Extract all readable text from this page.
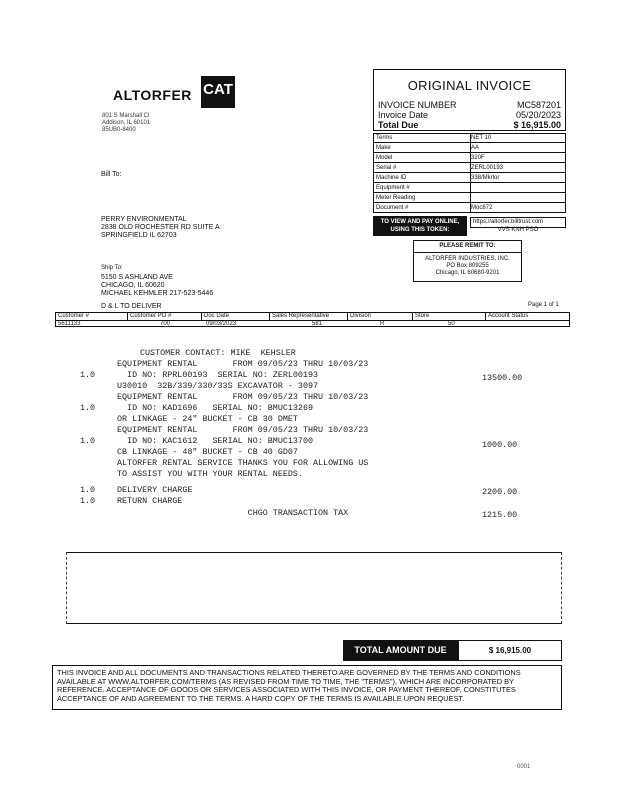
ALTORFER CAT
801 S Marshall Cl
Addison, IL 60101
85UB0-8400
ORIGINAL INVOICE
INVOICE NUMBER	MC587201
Invoice Date	05/20/2023
Total Due	$ 16,915.00
Terms	NET 10
Make	AA
Model	320F
Serial #	ZERL00193
Machine ID	338/Mkrlor
Equipment #
Meter Reading
Document #	Moc872
TO VIEW AND PAY ONLINE,
USING THIS TOKEN:
https://altorfer.billtrust.com
VVS KNH PSO
PLEASE REMIT TO:
ALTORFER INDUSTRIES, INC.
PO Box 809255
Chicago, IL 60680-9201
Bill To:
PERRY ENVIRONMENTAL
2838 OLD ROCHESTER RD SUITE A
SPRINGFIELD IL 62703
Ship To:
5150 S ASHLAND AVE
CHICAGO, IL 60620
MICHAEL KEHMLER 217-523-5446
D & L TO DELIVER	Page 1 of 1
Customer #	Customer PO #	Doc Date	Sales Representative	Division	Store	Account Status
5611133	700	09/03/2023	581	R	50
CUSTOMER CONTACT: MIKE  KEHSLER
EQUIPMENT RENTAL       FROM 09/05/23 THRU 10/03/23
1.0	ID NO: RPRL00193  SERIAL NO: ZERL00193	13500.00
U30010  32B/339/330/33S EXCAVATOR - 3097
EQUIPMENT RENTAL       FROM 09/05/23 THRU 10/03/23
1.0	ID NO: KAD1696   SERIAL NO: BMUC13269
OR LINKAGE - 24" BUCKET - CB 30 DMET
EQUIPMENT RENTAL       FROM 09/05/23 THRU 10/03/23
1.0	ID NO: KAC1612   SERIAL NO: BMUC13700	1000.00
CB LINKAGE - 48" BUCKET - CB 40 GD07
ALTORFER RENTAL SERVICE THANKS YOU FOR ALLOWING US
TO ASSIST YOU WITH YOUR RENTAL NEEDS.
1.0	DELIVERY CHARGE	2200.00
1.0	RETURN CHARGE
CHGO TRANSACTION TAX	1215.00
TOTAL AMOUNT DUE	$ 16,915.00
THIS INVOICE AND ALL DOCUMENTS AND TRANSACTIONS RELATED THERETO ARE GOVERNED BY THE TERMS AND CONDITIONS AVAILABLE AT WWW.ALTORFER.COM/TERMS (AS REVISED FROM TIME TO TIME, THE "TERMS"), WHICH ARE INCORPORATED BY REFERENCE. ACCEPTANCE OF GOODS OR SERVICES ASSOCIATED WITH THIS INVOICE, OR PAYMENT THEREOF, CONSTITUTES ACCEPTANCE OF AND AGREEMENT TO THE TERMS. A HARD COPY OF THE TERMS IS AVAILABLE UPON REQUEST.
0001
